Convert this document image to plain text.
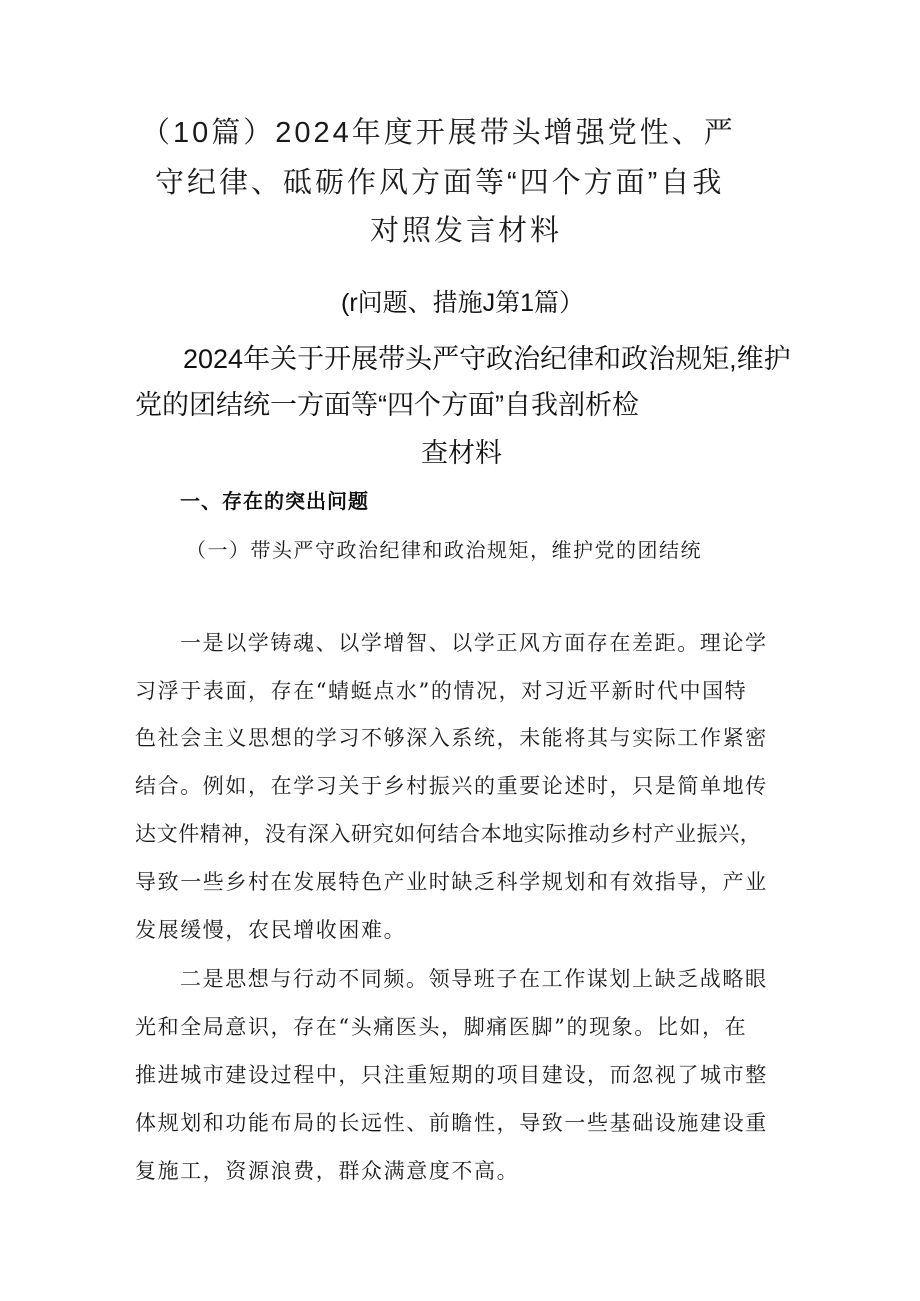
（10篇）2024年度开展带头增强党性、严
守纪律、砥砺作风方面等“四个方面”自我
对照发言材料
(r问题、措施J第1篇）
2024年关于开展带头严守政治纪律和政治规矩,维护
党的团结统一方面等“四个方面”自我剖析检
查材料
一、存在的突出问题
（一）带头严守政治纪律和政治规矩，维护党的团结统
一是以学铸魂、以学增智、以学正风方面存在差距。理论学
习浮于表面，存在“蜻蜓点水”的情况，对习近平新时代中国特
色社会主义思想的学习不够深入系统，未能将其与实际工作紧密
结合。例如，在学习关于乡村振兴的重要论述时，只是简单地传
达文件精神，没有深入研究如何结合本地实际推动乡村产业振兴，
导致一些乡村在发展特色产业时缺乏科学规划和有效指导，产业
发展缓慢，农民增收困难。
二是思想与行动不同频。领导班子在工作谋划上缺乏战略眼
光和全局意识，存在“头痛医头，脚痛医脚”的现象。比如，在
推进城市建设过程中，只注重短期的项目建设，而忽视了城市整
体规划和功能布局的长远性、前瞻性，导致一些基础设施建设重
复施工，资源浪费，群众满意度不高。
